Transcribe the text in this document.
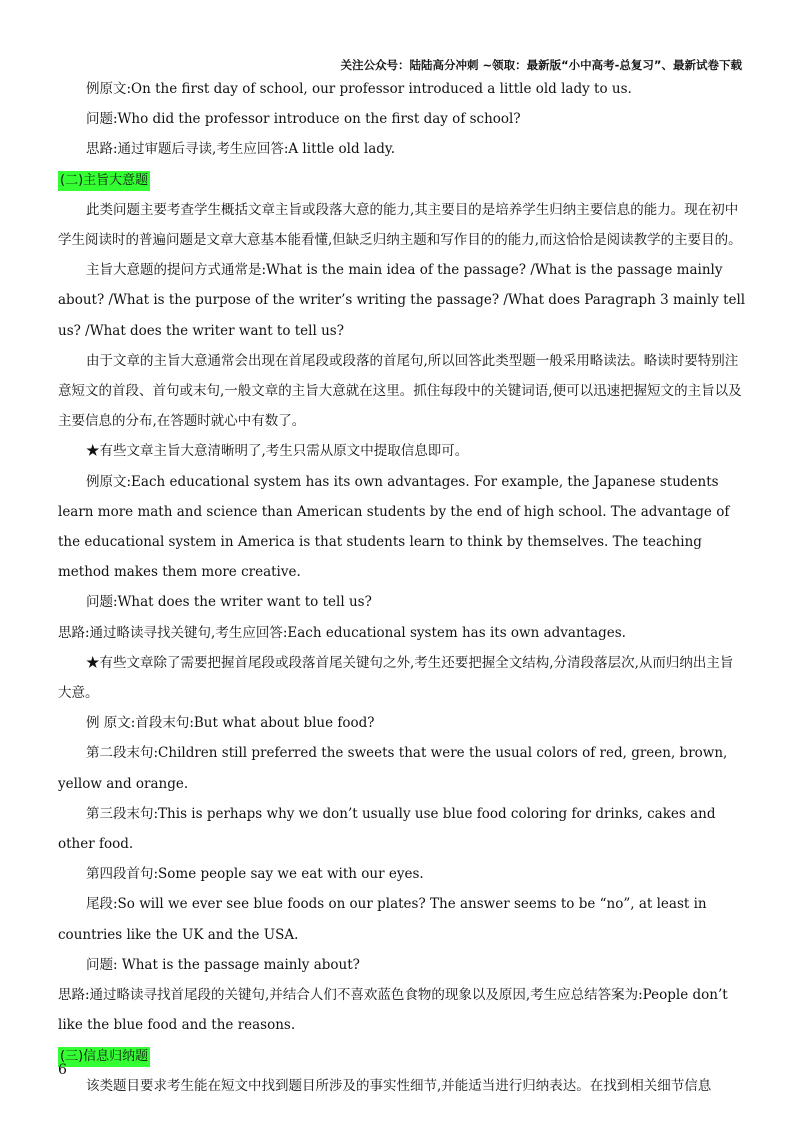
关注公众号：陆陆高分冲刺 ~领取：最新版“小中高考-总复习”、最新试卷下载

例原文:On the first day of school, our professor introduced a little old lady to us.

问题:Who did the professor introduce on the first day of school?

思路:通过审题后寻读,考生应回答:A little old lady.

(二)主旨大意题

此类问题主要考查学生概括文章主旨或段落大意的能力,其主要目的是培养学生归纳主要信息的能力。现在初中学生阅读时的普遍问题是文章大意基本能看懂,但缺乏归纳主题和写作目的的能力,而这恰恰是阅读教学的主要目的。

主旨大意题的提问方式通常是:What is the main idea of the passage? /What is the passage mainly about? /What is the purpose of the writer’s writing the passage? /What does Paragraph 3 mainly tell us? /What does the writer want to tell us?

由于文章的主旨大意通常会出现在首尾段或段落的首尾句,所以回答此类型题一般采用略读法。略读时要特别注意短文的首段、首句或末句,一般文章的主旨大意就在这里。抓住每段中的关键词语,便可以迅速把握短文的主旨以及主要信息的分布,在答题时就心中有数了。

★有些文章主旨大意清晰明了,考生只需从原文中提取信息即可。

例原文:Each educational system has its own advantages. For example, the Japanese students learn more math and science than American students by the end of high school. The advantage of the educational system in America is that students learn to think by themselves. The teaching method makes them more creative.

问题:What does the writer want to tell us?

思路:通过略读寻找关键句,考生应回答:Each educational system has its own advantages.

★有些文章除了需要把握首尾段或段落首尾关键句之外,考生还要把握全文结构,分清段落层次,从而归纳出主旨大意。

例 原文:首段末句:But what about blue food?

第二段末句:Children still preferred the sweets that were the usual colors of red, green, brown, yellow and orange.

第三段末句:This is perhaps why we don’t usually use blue food coloring for drinks, cakes and other food.

第四段首句:Some people say we eat with our eyes.

尾段:So will we ever see blue foods on our plates? The answer seems to be “no”, at least in countries like the UK and the USA.

问题: What is the passage mainly about?

思路:通过略读寻找首尾段的关键句,并结合人们不喜欢蓝色食物的现象以及原因,考生应总结答案为:People don’t like the blue food and the reasons.

(三)信息归纳题

该类题目要求考生能在短文中找到题目所涉及的事实性细节,并能适当进行归纳表达。在找到相关细节信息

6
